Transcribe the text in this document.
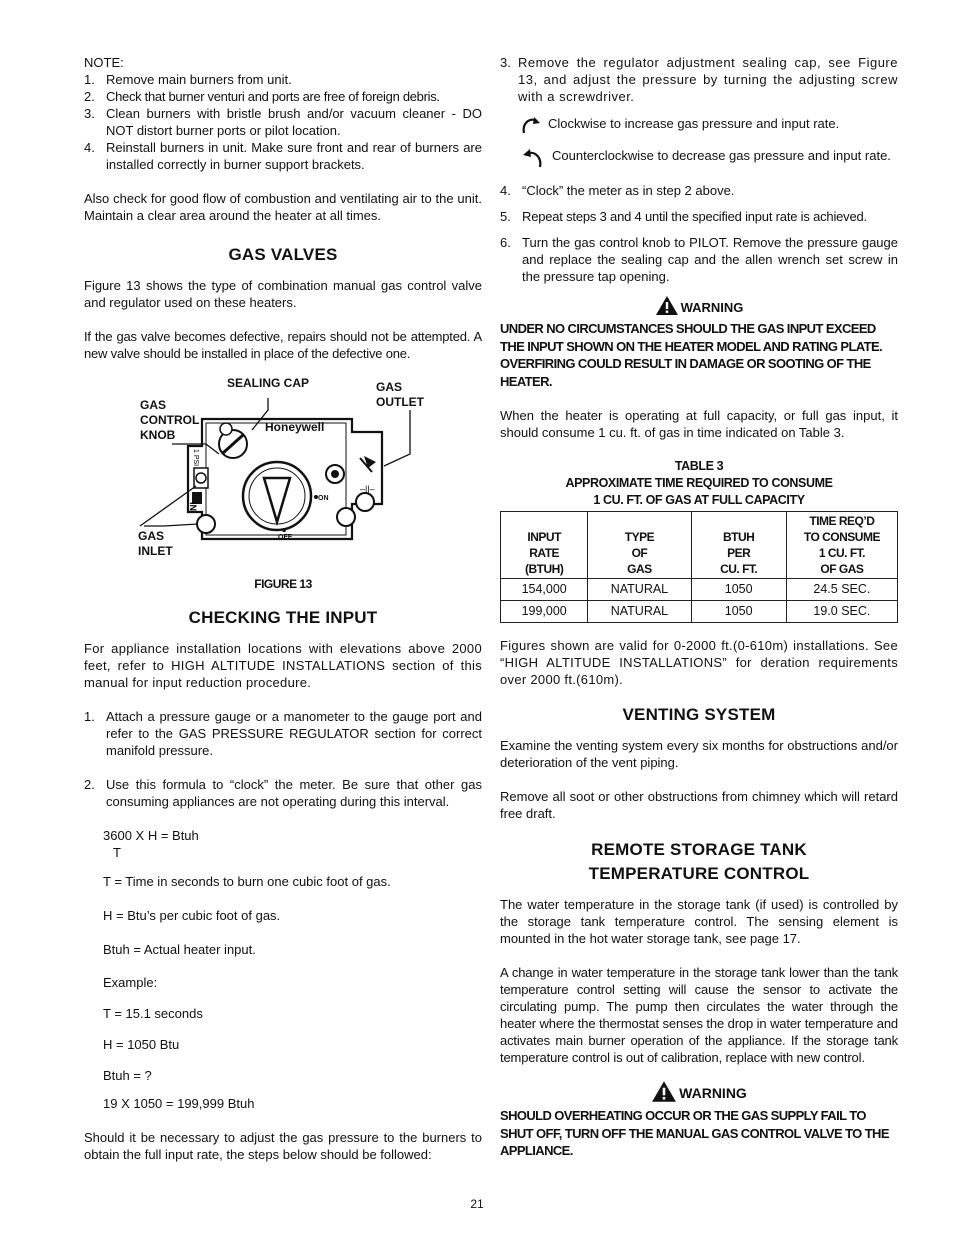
NOTE:

1. Remove main burners from unit.
2. Check that burner venturi and ports are free of foreign debris.
3. Clean burners with bristle brush and/or vacuum cleaner - DO NOT distort burner ports or pilot location.
4. Reinstall burners in unit. Make sure front and rear of burners are installed correctly in burner support brackets.

Also check for good flow of combustion and ventilating air to the unit. Maintain a clear area around the heater at all times.

GAS VALVES

Figure 13 shows the type of combination manual gas control valve and regulator used on these heaters.

If the gas valve becomes defective, repairs should not be attempted. A new valve should be installed in place of the defective one.

–||–
1 PSI
IN
SEALING CAP	GAS
OUTLET
GAS
CONTROL
KNOB
GAS
INLET
Honeywell
ON
OFF

FIGURE 13

CHECKING THE INPUT

For appliance installation locations with elevations above 2000 feet, refer to HIGH ALTITUDE INSTALLATIONS section of this manual for input reduction procedure.

1. Attach a pressure gauge or a manometer to the gauge port and refer to the GAS PRESSURE REGULATOR section for correct manifold pressure.
2. Use this formula to “clock” the meter. Be sure that other gas consuming appliances are not operating during this interval.

3600 X H = Btuh

T

T = Time in seconds to burn one cubic foot of gas.

H = Btu’s per cubic foot of gas.

Btuh = Actual heater input.

Example:

T = 15.1 seconds

H = 1050 Btu

Btuh = ?

19 X 1050 = 199,999 Btuh

Should it be necessary to adjust the gas pressure to the burners to obtain the full input rate, the steps below should be followed:

3. Remove the regulator adjustment sealing cap, see Figure 13, and adjust the pressure by turning the adjusting screw with a screwdriver.
Clockwise to increase gas pressure and input rate.
Counterclockwise to decrease gas pressure and input rate.
4. “Clock” the meter as in step 2 above.
5. Repeat steps 3 and 4 until the specified input rate is achieved.
6. Turn the gas control knob to PILOT. Remove the pressure gauge and replace the sealing cap and the allen wrench set screw in the pressure tap opening.
WARNING

UNDER NO CIRCUMSTANCES SHOULD THE GAS INPUT EXCEED THE INPUT SHOWN ON THE HEATER MODEL AND RATING PLATE. OVERFIRING COULD RESULT IN DAMAGE OR SOOTING OF THE HEATER.

When the heater is operating at full capacity, or full gas input, it should consume 1 cu. ft. of gas in time indicated on Table 3.

TABLE 3
APPROXIMATE TIME REQUIRED TO CONSUME
1 CU. FT. OF GAS AT FULL CAPACITY

INPUT
RATE
(BTUH)	TYPE
OF
GAS	BTUH
PER
CU. FT.	TIME REQ’D
TO CONSUME
1 CU. FT.
OF GAS
154,000	NATURAL	1050	24.5 SEC.
199,000	NATURAL	1050	19.0 SEC.

Figures shown are valid for 0-2000 ft.(0-610m) installations. See “HIGH ALTITUDE INSTALLATIONS” for deration requirements over 2000 ft.(610m).

VENTING SYSTEM

Examine the venting system every six months for obstructions and/or deterioration of the vent piping.

Remove all soot or other obstructions from chimney which will retard free draft.

REMOTE STORAGE TANK
TEMPERATURE CONTROL

The water temperature in the storage tank (if used) is controlled by the storage tank temperature control. The sensing element is mounted in the hot water storage tank, see page 17.

A change in water temperature in the storage tank lower than the tank temperature control setting will cause the sensor to activate the circulating pump. The pump then circulates the water through the heater where the thermostat senses the drop in water temperature and activates main burner operation of the appliance. If the storage tank temperature control is out of calibration, replace with new control.

WARNING

SHOULD OVERHEATING OCCUR OR THE GAS SUPPLY FAIL TO SHUT OFF, TURN OFF THE MANUAL GAS CONTROL VALVE TO THE APPLIANCE.

21
